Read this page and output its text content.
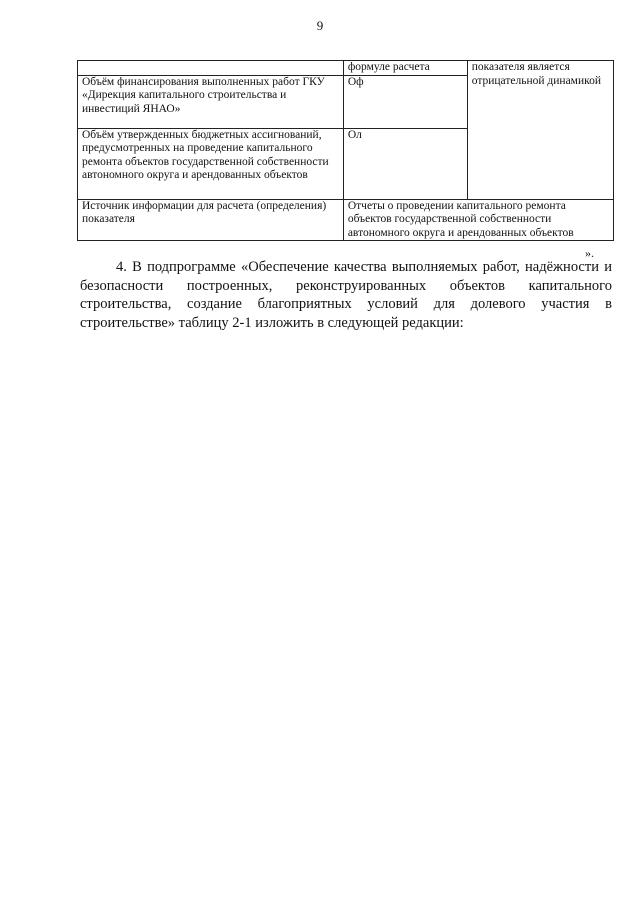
9
	формуле расчета	показателя является отрицательной динамикой
Объём финансирования выполненных работ ГКУ «Дирекция капитального строительства и инвестиций ЯНАО»	Оф	
Объём утвержденных бюджетных ассигнований, предусмотренных на проведение капитального ремонта объектов государственной собственности автономного округа и арендованных объектов	Ол	
Источник информации для расчета (определения) показателя	Отчеты о проведении капитального ремонта объектов государственной собственности автономного округа и арендованных объектов	
».
4. В подпрограмме «Обеспечение качества выполняемых работ, надёжности и безопасности построенных, реконструированных объектов капитального строительства, создание благоприятных условий для долевого участия в строительстве» таблицу 2-1 изложить в следующей редакции:
